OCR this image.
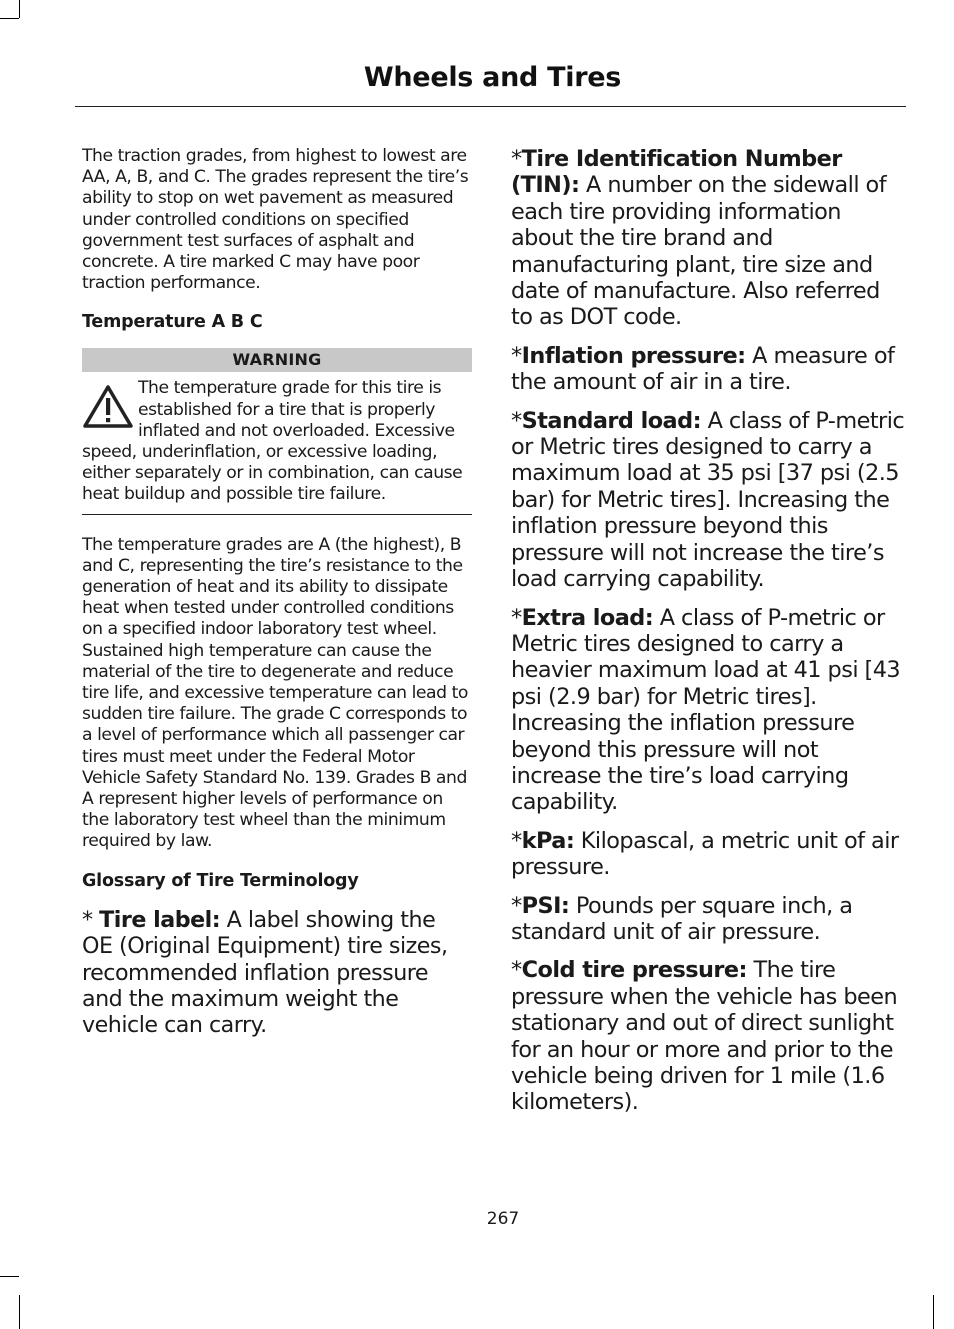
Wheels and Tires

The traction grades, from highest to lowest are AA, A, B, and C. The grades represent the tire’s ability to stop on wet pavement as measured under controlled conditions on specified government test surfaces of asphalt and concrete. A tire marked C may have poor traction performance.

Temperature A B C

WARNING

The temperature grade for this tire is established for a tire that is properly inflated and not overloaded. Excessive speed, underinflation, or excessive loading, either separately or in combination, can cause heat buildup and possible tire failure.

The temperature grades are A (the highest), B and C, representing the tire’s resistance to the generation of heat and its ability to dissipate heat when tested under controlled conditions on a specified indoor laboratory test wheel. Sustained high temperature can cause the material of the tire to degenerate and reduce tire life, and excessive temperature can lead to sudden tire failure. The grade C corresponds to a level of performance which all passenger car tires must meet under the Federal Motor Vehicle Safety Standard No. 139. Grades B and A represent higher levels of performance on the laboratory test wheel than the minimum required by law.

Glossary of Tire Terminology

* Tire label: A label showing the OE (Original Equipment) tire sizes, recommended inflation pressure and the maximum weight the vehicle can carry.

*Tire Identification Number (TIN): A number on the sidewall of each tire providing information about the tire brand and manufacturing plant, tire size and date of manufacture. Also referred to as DOT code.

*Inflation pressure: A measure of the amount of air in a tire.

*Standard load: A class of P-metric or Metric tires designed to carry a maximum load at 35 psi [37 psi (2.5 bar) for Metric tires]. Increasing the inflation pressure beyond this pressure will not increase the tire’s load carrying capability.

*Extra load: A class of P-metric or Metric tires designed to carry a heavier maximum load at 41 psi [43 psi (2.9 bar) for Metric tires]. Increasing the inflation pressure beyond this pressure will not increase the tire’s load carrying capability.

*kPa: Kilopascal, a metric unit of air pressure.

*PSI: Pounds per square inch, a standard unit of air pressure.

*Cold tire pressure: The tire pressure when the vehicle has been stationary and out of direct sunlight for an hour or more and prior to the vehicle being driven for 1 mile (1.6 kilometers).

267
